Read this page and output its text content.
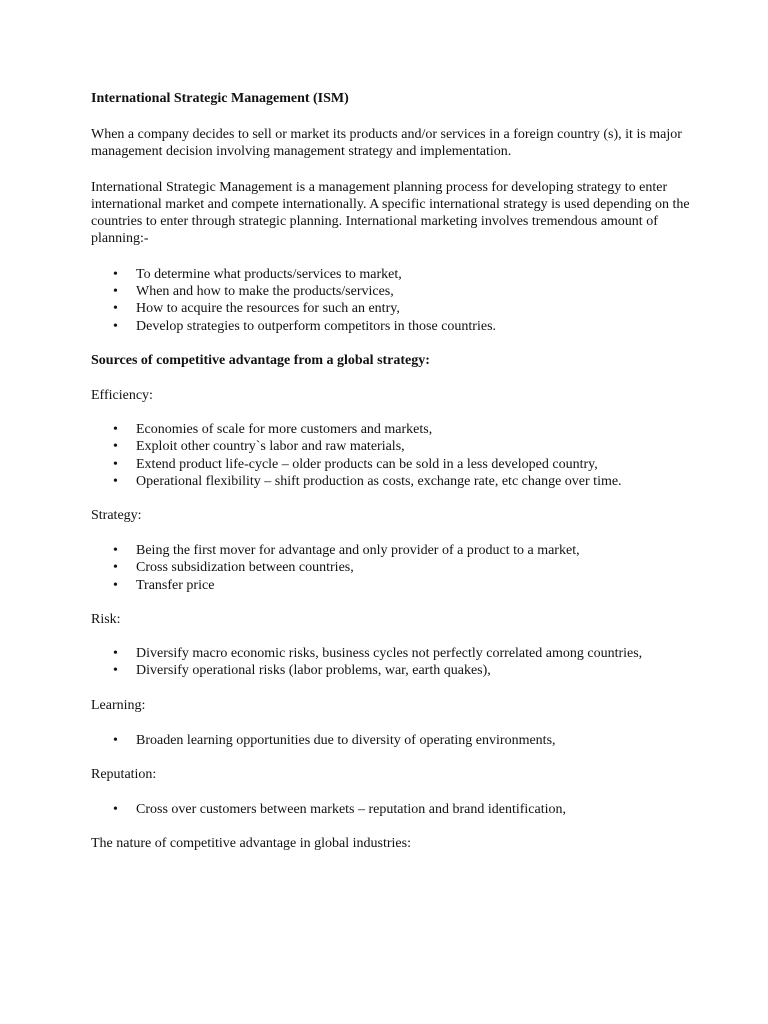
International Strategic Management (ISM)

When a company decides to sell or market its products and/or services in a foreign country (s), it is major management decision involving management strategy and implementation.

International Strategic Management is a management planning process for developing strategy to enter international market and compete internationally. A specific international strategy is used depending on the countries to enter through strategic planning. International marketing involves tremendous amount of planning:-

• To determine what products/services to market,
• When and how to make the products/services,
• How to acquire the resources for such an entry,
• Develop strategies to outperform competitors in those countries.

Sources of competitive advantage from a global strategy:

Efficiency:

• Economies of scale for more customers and markets,
• Exploit other country`s labor and raw materials,
• Extend product life-cycle – older products can be sold in a less developed country,
• Operational flexibility – shift production as costs, exchange rate, etc change over time.

Strategy:

• Being the first mover for advantage and only provider of a product to a market,
• Cross subsidization between countries,
• Transfer price

Risk:

• Diversify macro economic risks, business cycles not perfectly correlated among countries,
• Diversify operational risks (labor problems, war, earth quakes),

Learning:

• Broaden learning opportunities due to diversity of operating environments,

Reputation:

• Cross over customers between markets – reputation and brand identification,

The nature of competitive advantage in global industries:
